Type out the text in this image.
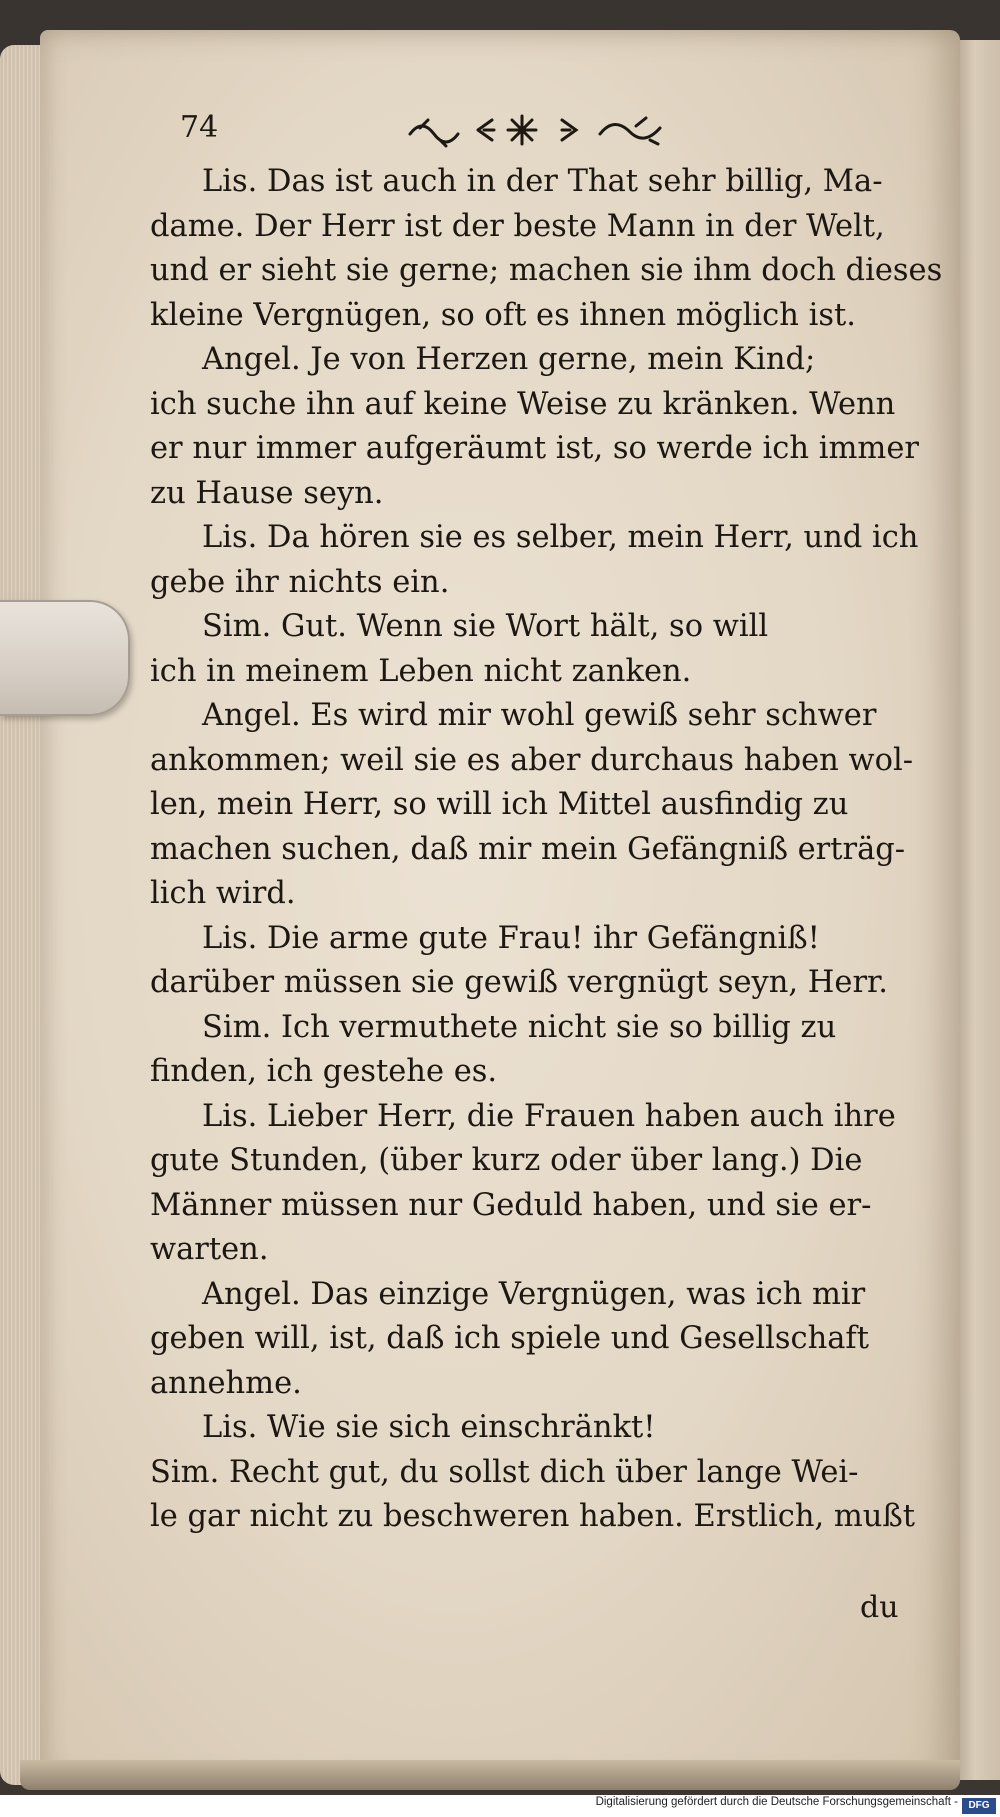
74
Lis. Das ist auch in der That sehr billig, Ma-
dame. Der Herr ist der beste Mann in der Welt,
und er sieht sie gerne; machen sie ihm doch dieses
kleine Vergnügen, so oft es ihnen möglich ist.
Angel. Je von Herzen gerne, mein Kind;
ich suche ihn auf keine Weise zu kränken. Wenn
er nur immer aufgeräumt ist, so werde ich immer
zu Hause seyn.
Lis. Da hören sie es selber, mein Herr, und ich
gebe ihr nichts ein.
Sim. Gut. Wenn sie Wort hält, so will
ich in meinem Leben nicht zanken.
Angel. Es wird mir wohl gewiß sehr schwer
ankommen; weil sie es aber durchaus haben wol-
len, mein Herr, so will ich Mittel ausfindig zu
machen suchen, daß mir mein Gefängniß erträg-
lich wird.
Lis. Die arme gute Frau! ihr Gefängniß!
darüber müssen sie gewiß vergnügt seyn, Herr.
Sim. Ich vermuthete nicht sie so billig zu
finden, ich gestehe es.
Lis. Lieber Herr, die Frauen haben auch ihre
gute Stunden, (über kurz oder über lang.) Die
Männer müssen nur Geduld haben, und sie er-
warten.
Angel. Das einzige Vergnügen, was ich mir
geben will, ist, daß ich spiele und Gesellschaft
annehme.
Lis. Wie sie sich einschränkt!
Sim. Recht gut, du sollst dich über lange Wei-
le gar nicht zu beschweren haben. Erstlich, mußt
du
Digitalisierung gefördert durch die Deutsche Forschungsgemeinschaft -	DFG
